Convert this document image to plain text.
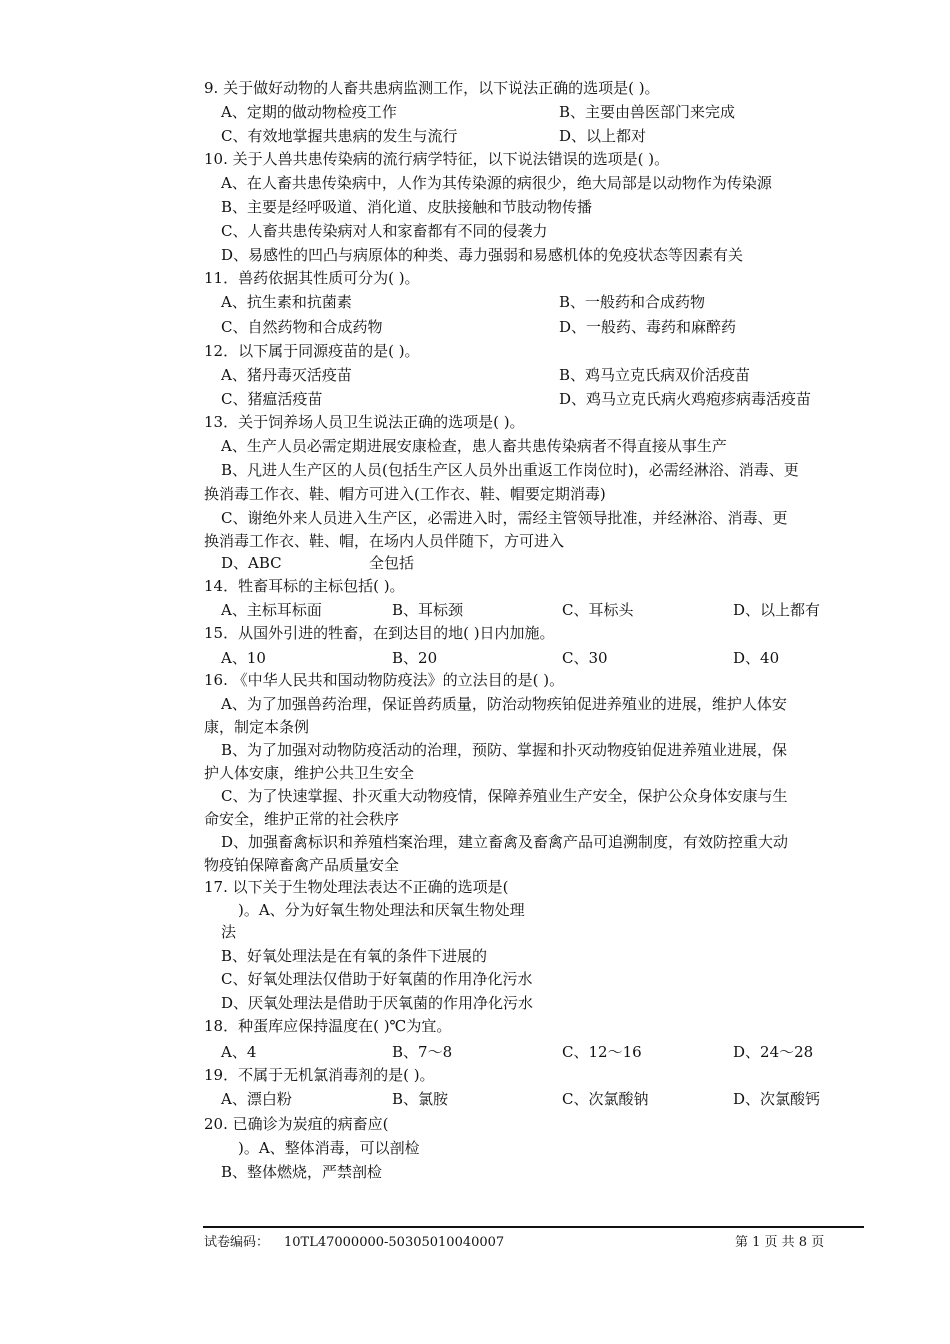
9. 关于做好动物的人畜共患病监测工作，以下说法正确的选项是( )。
A、定期的做动物检疫工作	B、主要由兽医部门来完成
C、有效地掌握共患病的发生与流行	D、以上都对
10. 关于人兽共患传染病的流行病学特征，以下说法错误的选项是( )。
A、在人畜共患传染病中，人作为其传染源的病很少，绝大局部是以动物作为传染源
B、主要是经呼吸道、消化道、皮肤接触和节肢动物传播
C、人畜共患传染病对人和家畜都有不同的侵袭力
D、易感性的凹凸与病原体的种类、毒力强弱和易感机体的免疫状态等因素有关
11．兽药依据其性质可分为( )。
A、抗生素和抗菌素	B、一般药和合成药物
C、自然药物和合成药物	D、一般药、毒药和麻醉药
12．以下属于同源疫苗的是( )。
A、猪丹毒灭活疫苗	B、鸡马立克氏病双价活疫苗
C、猪瘟活疫苗	D、鸡马立克氏病火鸡疱疹病毒活疫苗
13．关于饲养场人员卫生说法正确的选项是( )。
A、生产人员必需定期进展安康检查，患人畜共患传染病者不得直接从事生产
B、凡进人生产区的人员(包括生产区人员外出重返工作岗位时)，必需经淋浴、消毒、更
换消毒工作衣、鞋、帽方可进入(工作衣、鞋、帽要定期消毒)
C、谢绝外来人员进入生产区，必需进入时，需经主管领导批准，并经淋浴、消毒、更
换消毒工作衣、鞋、帽，在场内人员伴随下，方可进入
D、ABC	全包括
14．牲畜耳标的主标包括( )。
A、主标耳标面	B、耳标颈	C、耳标头	D、以上都有
15．从国外引进的牲畜，在到达目的地( )日内加施。
A、10	B、20	C、30	D、40
16. 《中华人民共和国动物防疫法》的立法目的是( )。
A、为了加强兽药治理，保证兽药质量，防治动物疾铂促进养殖业的进展，维护人体安
康，制定本条例
B、为了加强对动物防疫活动的治理，预防、掌握和扑灭动物疫铂促进养殖业进展，保
护人体安康，维护公共卫生安全
C、为了快速掌握、扑灭重大动物疫情，保障养殖业生产安全，保护公众身体安康与生
命安全，维护正常的社会秩序
D、加强畜禽标识和养殖档案治理，建立畜禽及畜禽产品可追溯制度，有效防控重大动
物疫铂保障畜禽产品质量安全
17. 以下关于生物处理法表达不正确的选项是(
)。A、分为好氧生物处理法和厌氧生物处理
法
B、好氧处理法是在有氧的条件下进展的
C、好氧处理法仅借助于好氧菌的作用净化污水
D、厌氧处理法是借助于厌氧菌的作用净化污水
18．种蛋库应保持温度在( )℃为宜。
A、4	B、7～8	C、12～16	D、24～28
19．不属于无机氯消毒剂的是( )。
A、漂白粉	B、氯胺	C、次氯酸钠	D、次氯酸钙
20. 已确诊为炭疽的病畜应(
)。A、整体消毒，可以剖检
B、整体燃烧，严禁剖检
试卷编码： 10TL47000000-50305010040007	第 1 页 共 8 页
